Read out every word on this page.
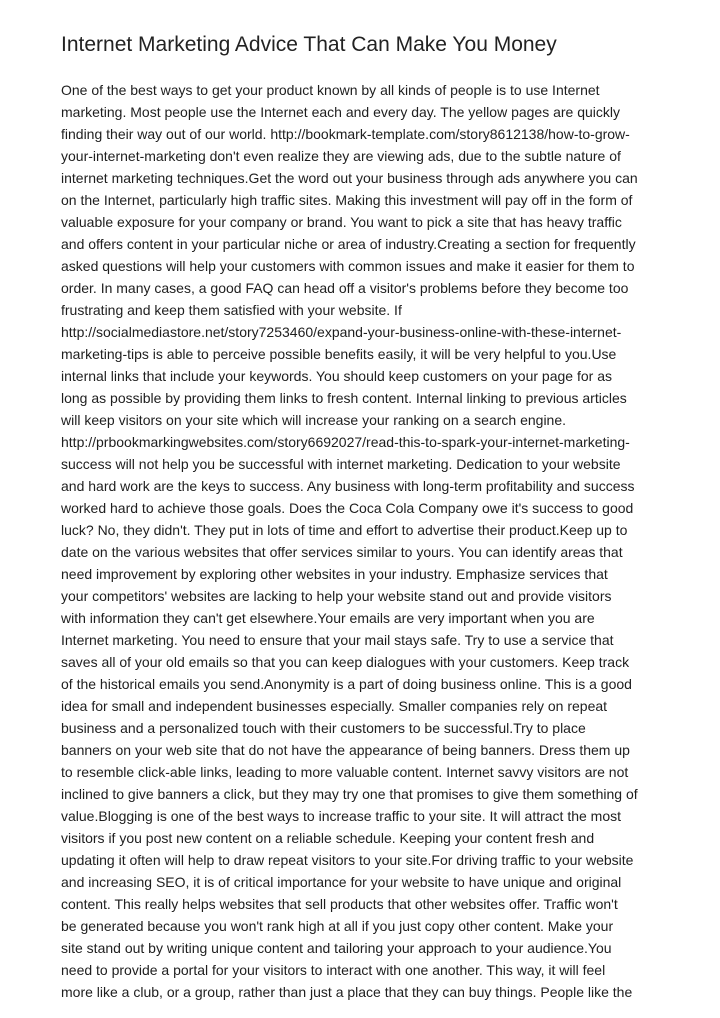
Internet Marketing Advice That Can Make You Money
One of the best ways to get your product known by all kinds of people is to use Internet
marketing. Most people use the Internet each and every day. The yellow pages are quickly
finding their way out of our world. http://bookmark-template.com/story8612138/how-to-grow-
your-internet-marketing don't even realize they are viewing ads, due to the subtle nature of
internet marketing techniques.Get the word out your business through ads anywhere you can
on the Internet, particularly high traffic sites. Making this investment will pay off in the form of
valuable exposure for your company or brand. You want to pick a site that has heavy traffic
and offers content in your particular niche or area of industry.Creating a section for frequently
asked questions will help your customers with common issues and make it easier for them to
order. In many cases, a good FAQ can head off a visitor's problems before they become too
frustrating and keep them satisfied with your website. If
http://socialmediastore.net/story7253460/expand-your-business-online-with-these-internet-
marketing-tips is able to perceive possible benefits easily, it will be very helpful to you.Use
internal links that include your keywords. You should keep customers on your page for as
long as possible by providing them links to fresh content. Internal linking to previous articles
will keep visitors on your site which will increase your ranking on a search engine.
http://prbookmarkingwebsites.com/story6692027/read-this-to-spark-your-internet-marketing-
success will not help you be successful with internet marketing. Dedication to your website
and hard work are the keys to success. Any business with long-term profitability and success
worked hard to achieve those goals. Does the Coca Cola Company owe it's success to good
luck? No, they didn't. They put in lots of time and effort to advertise their product.Keep up to
date on the various websites that offer services similar to yours. You can identify areas that
need improvement by exploring other websites in your industry. Emphasize services that
your competitors' websites are lacking to help your website stand out and provide visitors
with information they can't get elsewhere.Your emails are very important when you are
Internet marketing. You need to ensure that your mail stays safe. Try to use a service that
saves all of your old emails so that you can keep dialogues with your customers. Keep track
of the historical emails you send.Anonymity is a part of doing business online. This is a good
idea for small and independent businesses especially. Smaller companies rely on repeat
business and a personalized touch with their customers to be successful.Try to place
banners on your web site that do not have the appearance of being banners. Dress them up
to resemble click-able links, leading to more valuable content. Internet savvy visitors are not
inclined to give banners a click, but they may try one that promises to give them something of
value.Blogging is one of the best ways to increase traffic to your site. It will attract the most
visitors if you post new content on a reliable schedule. Keeping your content fresh and
updating it often will help to draw repeat visitors to your site.For driving traffic to your website
and increasing SEO, it is of critical importance for your website to have unique and original
content. This really helps websites that sell products that other websites offer. Traffic won't
be generated because you won't rank high at all if you just copy other content. Make your
site stand out by writing unique content and tailoring your approach to your audience.You
need to provide a portal for your visitors to interact with one another. This way, it will feel
more like a club, or a group, rather than just a place that they can buy things. People like the
